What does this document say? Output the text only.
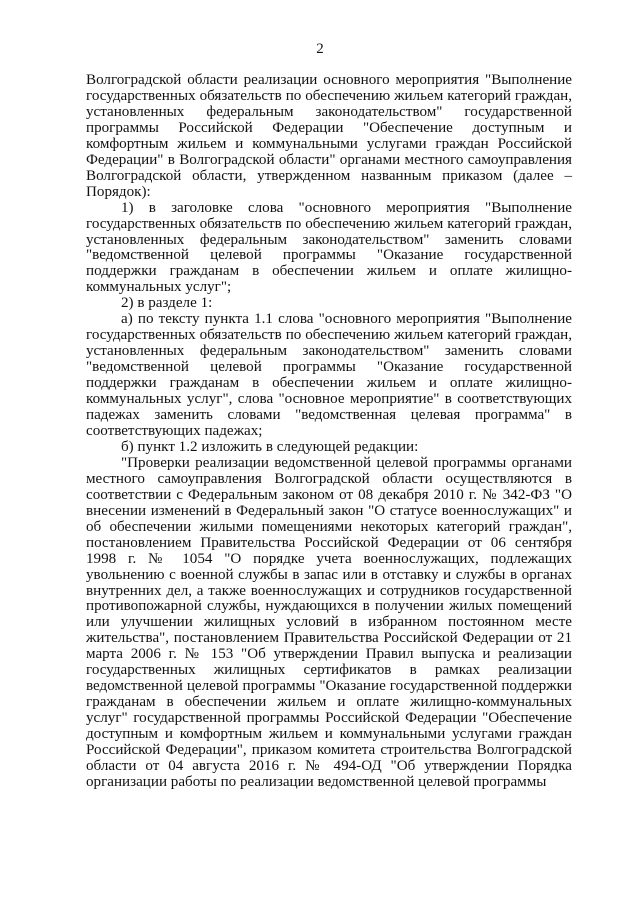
2

Волгоградской области реализации основного мероприятия "Выполнение государственных обязательств по обеспечению жильем категорий граждан, установленных федеральным законодательством" государственной программы Российской Федерации "Обеспечение доступным и комфортным жильем и коммунальными услугами граждан Российской Федерации" в Волгоградской области" органами местного самоуправления Волгоградской области, утвержденном названным приказом (далее – Порядок):

1) в заголовке слова "основного мероприятия "Выполнение государственных обязательств по обеспечению жильем категорий граждан, установленных федеральным законодательством" заменить словами "ведомственной целевой программы "Оказание государственной поддержки гражданам в обеспечении жильем и оплате жилищно-коммунальных услуг";

2) в разделе 1:

а) по тексту пункта 1.1 слова "основного мероприятия "Выполнение государственных обязательств по обеспечению жильем категорий граждан, установленных федеральным законодательством" заменить словами "ведомственной целевой программы "Оказание государственной поддержки гражданам в обеспечении жильем и оплате жилищно-коммунальных услуг", слова "основное мероприятие" в соответствующих падежах заменить словами "ведомственная целевая программа" в соответствующих падежах;

б) пункт 1.2 изложить в следующей редакции:

"Проверки реализации ведомственной целевой программы органами местного самоуправления Волгоградской области осуществляются в соответствии с Федеральным законом от 08 декабря 2010 г. № 342-ФЗ "О внесении изменений в Федеральный закон "О статусе военнослужащих" и об обеспечении жилыми помещениями некоторых категорий граждан", постановлением Правительства Российской Федерации от 06 сентября 1998 г. № 1054 "О порядке учета военнослужащих, подлежащих увольнению с военной службы в запас или в отставку и службы в органах внутренних дел, а также военнослужащих и сотрудников государственной противопожарной службы, нуждающихся в получении жилых помещений или улучшении жилищных условий в избранном постоянном месте жительства", постановлением Правительства Российской Федерации от 21 марта 2006 г. № 153 "Об утверждении Правил выпуска и реализации государственных жилищных сертификатов в рамках реализации ведомственной целевой программы "Оказание государственной поддержки гражданам в обеспечении жильем и оплате жилищно-коммунальных услуг" государственной программы Российской Федерации "Обеспечение доступным и комфортным жильем и коммунальными услугами граждан Российской Федерации", приказом комитета строительства Волгоградской области от 04 августа 2016 г. № 494-ОД "Об утверждении Порядка организации работы по реализации ведомственной целевой программы
